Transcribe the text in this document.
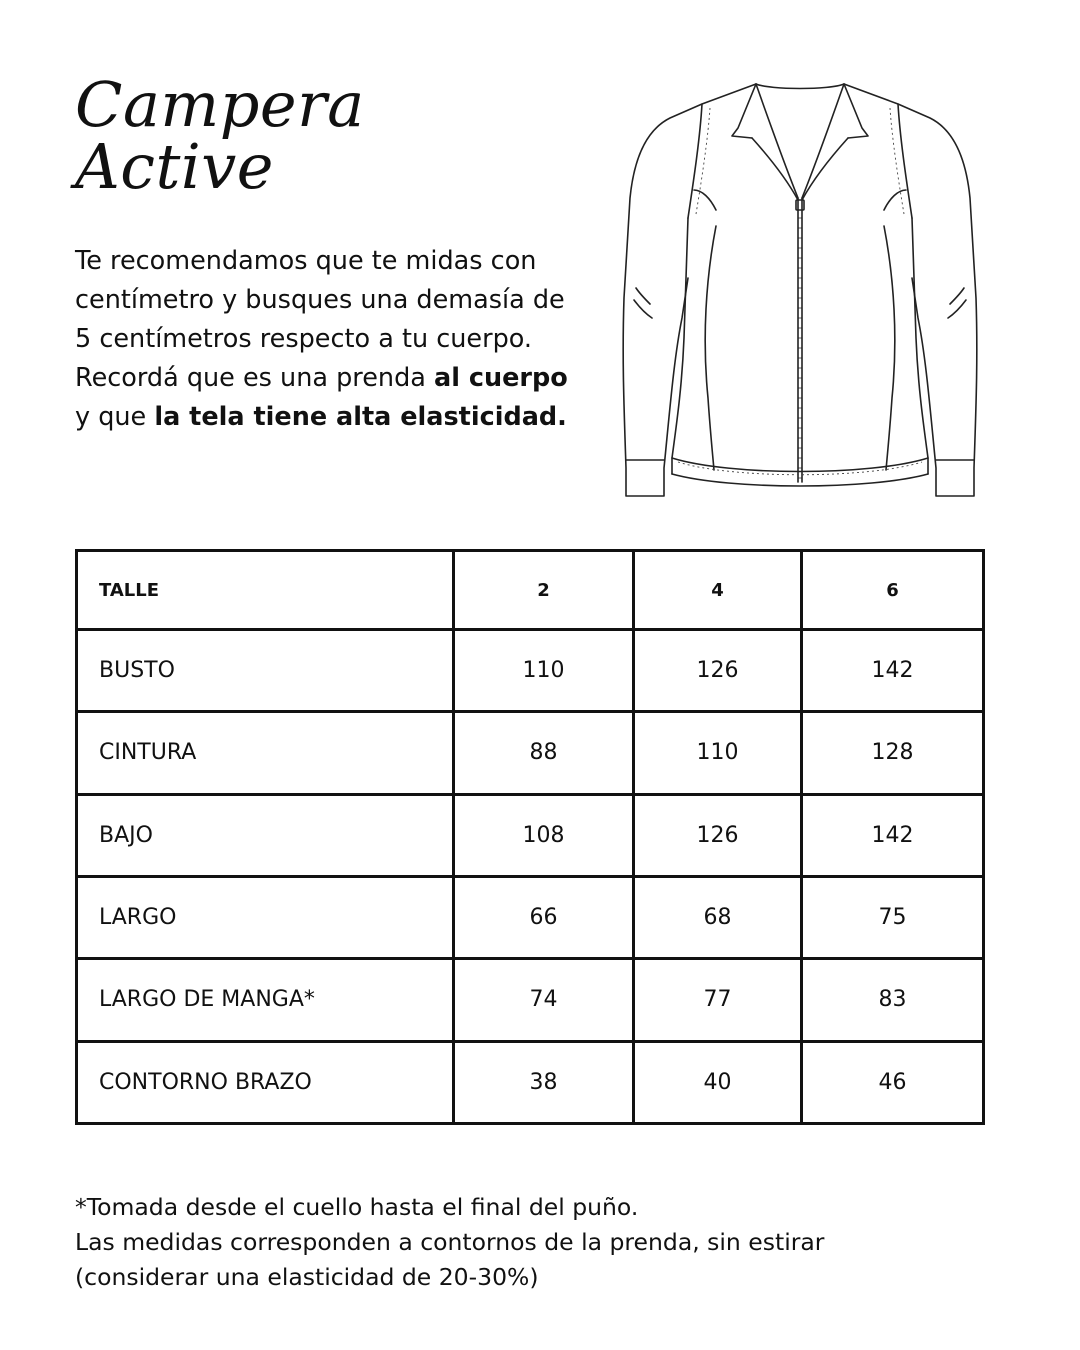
Campera
Active

Te recomendamos que te midas con centímetro y busques una demasía de 5 centímetros respecto a tu cuerpo. Recordá que es una prenda al cuerpo y que la tela tiene alta elasticidad.

TALLE	2	4	6
BUSTO	110	126	142
CINTURA	88	110	128
BAJO	108	126	142
LARGO	66	68	75
LARGO DE MANGA*	74	77	83
CONTORNO BRAZO	38	40	46

*Tomada desde el cuello hasta el final del puño.
Las medidas corresponden a contornos de la prenda, sin estirar
(considerar una elasticidad de 20-30%)
